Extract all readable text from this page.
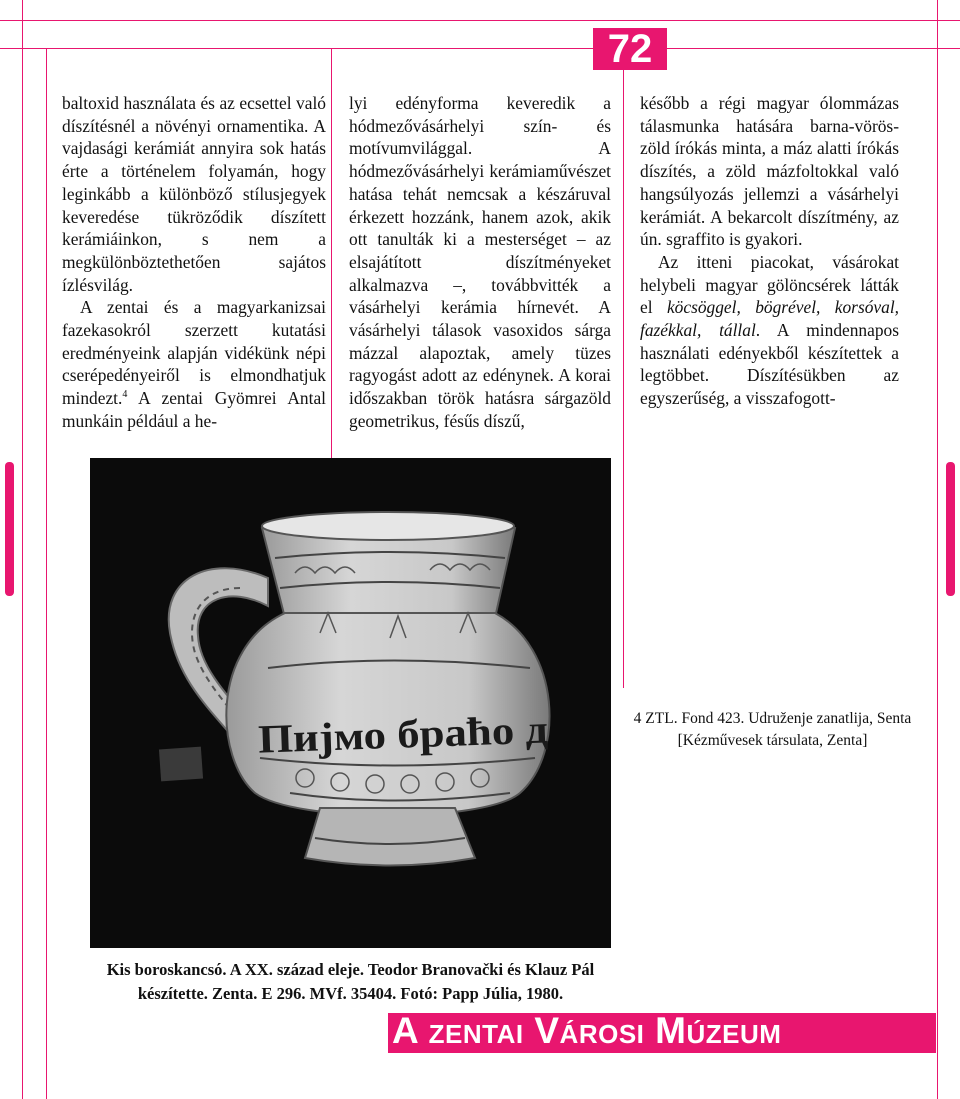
72

baltoxid használata és az ecsettel való díszítésnél a növényi ornamentika. A vajdasági kerámiát annyira sok hatás érte a történelem folyamán, hogy leginkább a különböző stílusjegyek keveredése tükröződik díszített kerámiáinkon, s nem a megkülönböztethetően sajátos ízlésvilág.

A zentai és a magyarkanizsai fazekasokról szerzett kutatási eredményeink alapján vidékünk népi cserépedényeiről is elmondhatjuk mindezt.$^4$ A zentai Gyömrei Antal munkáin például a he-

lyi edényforma keveredik a hódmezővásárhelyi szín- és motívumvilággal. A hódmezővásárhelyi kerámiaművészet hatása tehát nemcsak a készáruval érkezett hozzánk, hanem azok, akik ott tanulták ki a mesterséget – az elsajátított díszítményeket alkalmazva –, továbbvitték a vásárhelyi kerámia hírnevét. A vásárhelyi tálasok vasoxidos sárga mázzal alapoztak, amely tüzes ragyogást adott az edénynek. A korai időszakban török hatásra sárgazöld geometrikus, fésűs díszű,

később a régi magyar ólommázas tálasmunka hatására barna-vörös-zöld írókás minta, a máz alatti írókás díszítés, a zöld mázfoltokkal való hangsúlyozás jellemzi a vásárhelyi kerámiát. A bekarcolt díszítmény, az ún. sgraffito is gyakori.

Az itteni piacokat, vásárokat helybeli magyar gölöncsérek látták el köcsöggel, bögrével, korsóval, fazékkal, tállal. A mindennapos használati edényekből készítettek a legtöbbet. Díszítésükben az egyszerűség, a visszafogott-

Пијмо браћо д
Kis boroskancsó. A XX. század eleje. Teodor Branovački és Klauz Pál készítette. Zenta. E 296. MVf. 35404. Fotó: Papp Júlia, 1980.
4 ZTL. Fond 423. Udruženje zanatlija, Senta [Kézművesek társulata, Zenta]
A zentai Városi Múzeum
